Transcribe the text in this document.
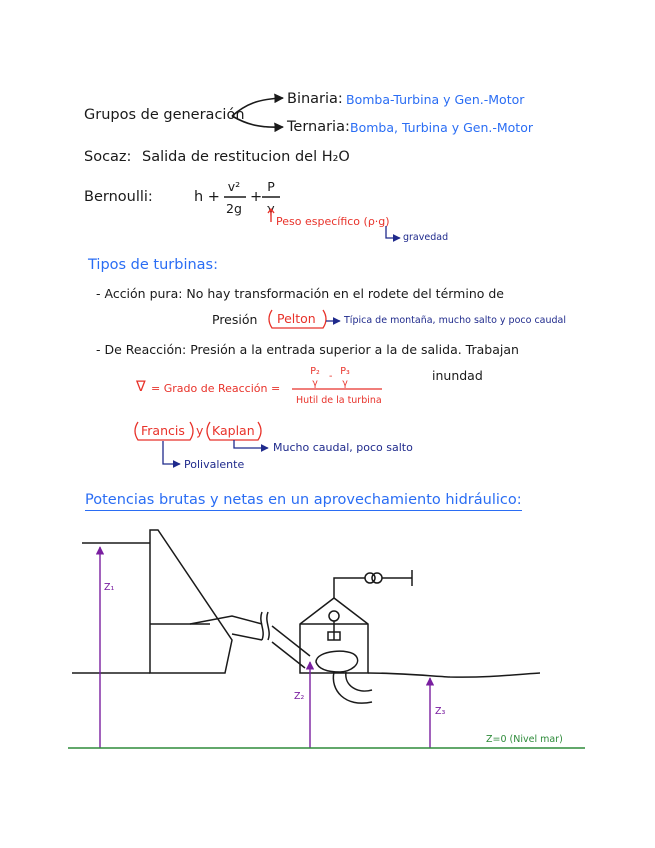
Grupos de generación
Binaria: Bomba-Turbina y Gen.-Motor
Ternaria: Bomba, Turbina y Gen.-Motor
Socaz: Salida de restitucion del H₂O
Bernoulli:	h +
v²
2g
+
P
γ
Peso específico (ρ·g)
gravedad
Tipos de turbinas:
- Acción pura: No hay transformación en el rodete del término de
Presión Pelton	Típica de montaña, mucho salto y poco caudal
- De Reacción: Presión a la entrada superior a la de salida. Trabajan
inundad
∇ = Grado de Reacción =
P₂
γ
- P₃
γ
Hutil de la turbina
Francis y Kaplan
Mucho caudal, poco salto
Polivalente
Potencias brutas y netas en un aprovechamiento hidráulico:
Z₁
Z₂
Z₃
Z=0 (Nivel mar)
